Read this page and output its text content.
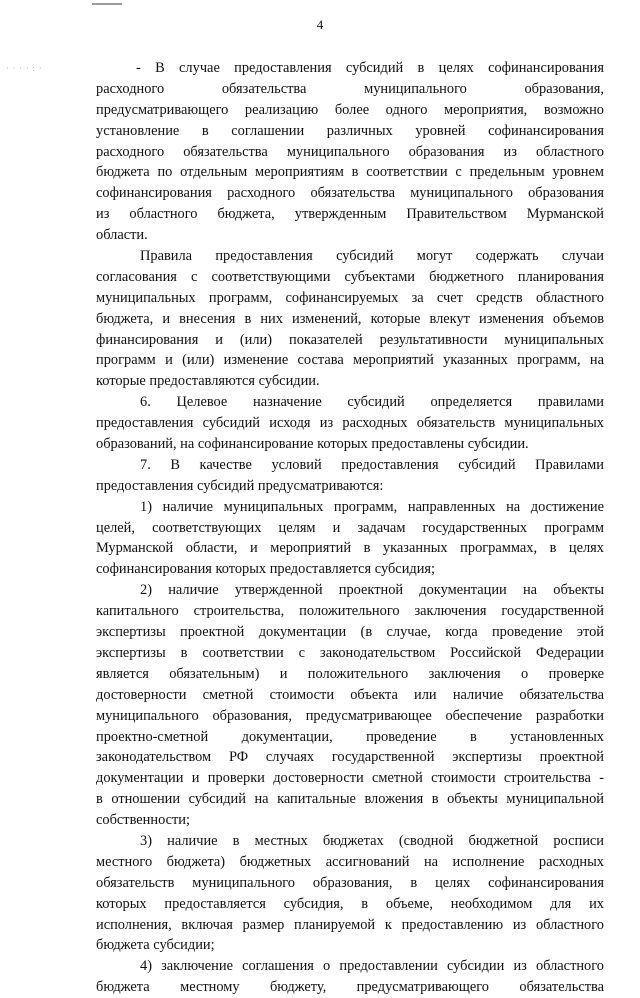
· · · · : ·
4
- В случае предоставления субсидий в целях софинансирования
расходного обязательства муниципального образования,
предусматривающего реализацию более одного мероприятия, возможно
установление в соглашении различных уровней софинансирования
расходного обязательства муниципального образования из областного
бюджета по отдельным мероприятиям в соответствии с предельным уровнем
софинансирования расходного обязательства муниципального образования
из областного бюджета, утвержденным Правительством Мурманской
области.
Правила предоставления субсидий могут содержать случаи
согласования с соответствующими субъектами бюджетного планирования
муниципальных программ, софинансируемых за счет средств областного
бюджета, и внесения в них изменений, которые влекут изменения объемов
финансирования и (или) показателей результативности муниципальных
программ и (или) изменение состава мероприятий указанных программ, на
которые предоставляются субсидии.
6. Целевое назначение субсидий определяется правилами
предоставления субсидий исходя из расходных обязательств муниципальных
образований, на софинансирование которых предоставлены субсидии.
7. В качестве условий предоставления субсидий Правилами
предоставления субсидий предусматриваются:
1) наличие муниципальных программ, направленных на достижение
целей, соответствующих целям и задачам государственных программ
Мурманской области, и мероприятий в указанных программах, в целях
софинансирования которых предоставляется субсидия;
2) наличие утвержденной проектной документации на объекты
капитального строительства, положительного заключения государственной
экспертизы проектной документации (в случае, когда проведение этой
экспертизы в соответствии с законодательством Российской Федерации
является обязательным) и положительного заключения о проверке
достоверности сметной стоимости объекта или наличие обязательства
муниципального образования, предусматривающее обеспечение разработки
проектно-сметной документации, проведение в установленных
законодательством РФ случаях государственной экспертизы проектной
документации и проверки достоверности сметной стоимости строительства -
в отношении субсидий на капитальные вложения в объекты муниципальной
собственности;
3) наличие в местных бюджетах (сводной бюджетной росписи
местного бюджета) бюджетных ассигнований на исполнение расходных
обязательств муниципального образования, в целях софинансирования
которых предоставляется субсидия, в объеме, необходимом для их
исполнения, включая размер планируемой к предоставлению из областного
бюджета субсидии;
4) заключение соглашения о предоставлении субсидии из областного
бюджета местному бюджету, предусматривающего обязательства
